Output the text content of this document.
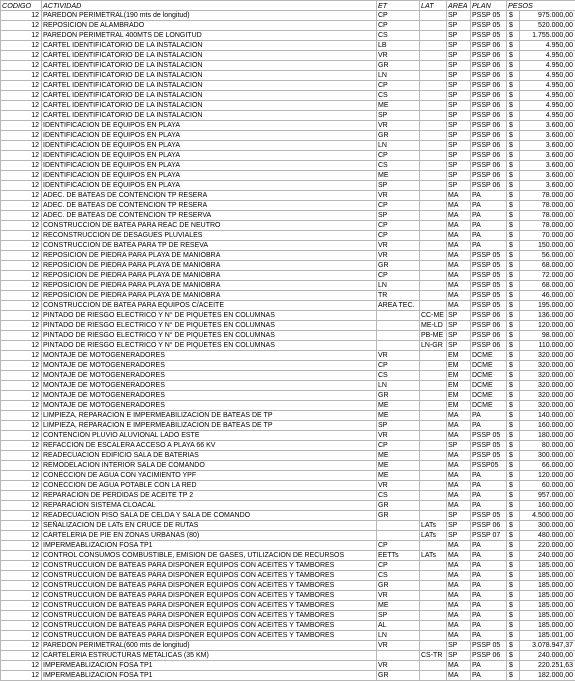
CODIGO	ACTIVIDAD	ET	LAT	AREA	PLAN	PESOS	
12	PAREDON PERIMETRAL(190 mts de longitud)	CP		SP	PSSP 05	$	975.000,00
12	REPOSICION DE ALAMBRADO	CP		SP	PSSP 05	$	520.000,00
12	PAREDON PERIMETRAL 400MTS DE LONGITUD	CS		SP	PSSP 05	$	1.755.000,00
12	CARTEL IDENTIFICATORIO DE LA INSTALACION	LB		SP	PSSP 06	$	4.950,00
12	CARTEL IDENTIFICATORIO DE LA INSTALACION	VR		SP	PSSP 06	$	4.950,00
12	CARTEL IDENTIFICATORIO DE LA INSTALACION	GR		SP	PSSP 06	$	4.950,00
12	CARTEL IDENTIFICATORIO DE LA INSTALACION	LN		SP	PSSP 06	$	4.950,00
12	CARTEL IDENTIFICATORIO DE LA INSTALACION	CP		SP	PSSP 06	$	4.950,00
12	CARTEL IDENTIFICATORIO DE LA INSTALACION	CS		SP	PSSP 06	$	4.950,00
12	CARTEL IDENTIFICATORIO DE LA INSTALACION	ME		SP	PSSP 06	$	4.950,00
12	CARTEL IDENTIFICATORIO DE LA INSTALACION	SP		SP	PSSP 06	$	4.950,00
12	IDENTIFICACION DE EQUIPOS EN PLAYA	VR		SP	PSSP 06	$	3.600,00
12	IDENTIFICACION DE EQUIPOS EN PLAYA	GR		SP	PSSP 06	$	3.600,00
12	IDENTIFICACION DE EQUIPOS EN PLAYA	LN		SP	PSSP 06	$	3.600,00
12	IDENTIFICACION DE EQUIPOS EN PLAYA	CP		SP	PSSP 06	$	3.600,00
12	IDENTIFICACION DE EQUIPOS EN PLAYA	CS		SP	PSSP 06	$	3.600,00
12	IDENTIFICACION DE EQUIPOS EN PLAYA	ME		SP	PSSP 06	$	3.600,00
12	IDENTIFICACION DE EQUIPOS EN PLAYA	SP		SP	PSSP 06	$	3.600,00
12	ADEC. DE BATEAS DE CONTENCION TP RESERA	VR		MA	PA	$	78.000,00
12	ADEC. DE BATEAS DE CONTENCION TP RESERA	CP		MA	PA	$	78.000,00
12	ADEC. DE BATEAS DE CONTENCION TP RESERVA	SP		MA	PA	$	78.000,00
12	CONSTRUCCION DE BATEA PARA REAC DE NEUTRO	CP		MA	PA	$	78.000,00
12	RECONSTRUCCION DE DESAGUES PLUVIALES	CP		MA	PA	$	70.000,00
12	CONSTRUCCION DE BATEA PARA TP DE RESEVA	VR		MA	PA	$	150.000,00
12	REPOSICION DE PIEDRA PARA PLAYA DE MANIOBRA	VR		MA	PSSP 05	$	56.000,00
12	REPOSICION DE PIEDRA PARA PLAYA DE MANIOBRA	GR		MA	PSSP 05	$	68.000,00
12	REPOSICION DE PIEDRA PARA PLAYA DE MANIOBRA	CP		MA	PSSP 05	$	72.000,00
12	REPOSICION DE PIEDRA PARA PLAYA DE MANIOBRA	LN		MA	PSSP 05	$	68.000,00
12	REPOSICION DE PIEDRA PARA PLAYA DE MANIOBRA	TR		MA	PSSP 05	$	46.000,00
12	CONSTRUCCION DE BATEA PARA EQUIPOS C/ACEITE	AREA TEC.		MA	PSSP 05	$	195.000,00
12	PINTADO DE RIESGO ELECTRICO Y N° DE PIQUETES EN COLUMNAS		CC-ME	SP	PSSP 06	$	136.000,00
12	PINTADO DE RIESGO ELECTRICO Y N° DE PIQUETES EN COLUMNAS		ME-LD	SP	PSSP 06	$	120.000,00
12	PINTADO DE RIESGO ELECTRICO Y N° DE PIQUETES EN COLUMNAS		PB-ME	SP	PSSP 06	$	98.000,00
12	PINTADO DE RIESGO ELECTRICO Y N° DE PIQUETES EN COLUMNAS		LN-GR	SP	PSSP 06	$	110.000,00
12	MONTAJE DE MOTOGENERADORES	VR		EM	DCME	$	320.000,00
12	MONTAJE DE MOTOGENERADORES	CP		EM	DCME	$	320.000,00
12	MONTAJE DE MOTOGENERADORES	CS		EM	DCME	$	320.000,00
12	MONTAJE DE MOTOGENERADORES	LN		EM	DCME	$	320.000,00
12	MONTAJE DE MOTOGENERADORES	GR		EM	DCME	$	320.000,00
12	MONTAJE DE MOTOGENERADORES	ME		EM	DCME	$	320.000,00
12	LIMPIEZA, REPARACION E IMPERMEABILIZACION DE BATEAS DE TP	ME		MA	PA	$	140.000,00
12	LIMPIEZA, REPARACION E IMPERMEABILIZACION DE BATEAS DE TP	SP		MA	PA	$	160.000,00
12	CONTENCION PLUVIO ALUVIONAL LADO ESTE	VR		MA	PSSP 05	$	180.000,00
12	REFACCION DE ESCALERA ACCESO A PLAYA 66 KV	CP		SP	PSSP 05	$	80.000,00
12	READECUACION EDIFICIO SALA DE BATERIAS	ME		MA	PSSP 05	$	300.000,00
12	REMODELACION INTERIOR SALA DE COMANDO	ME		MA	PSSP05	$	66.000,00
12	CONECCION DE AGUA CON YACIMIENTO YPF	ME		MA	PA	$	120.000,00
12	CONECCION DE AGUA POTABLE CON LA RED	VR		MA	PA	$	60.000,00
12	REPARACION DE PERDIDAS DE ACEITE TP 2	CS		MA	PA	$	957.000,00
12	REPARACION SISTEMA CLOACAL	GR		MA	PA	$	160.000,00
12	READECUACION PISO SALA DE CELDA Y SALA DE COMANDO	GR		SP	PSSP 05	$	4.500.000,00
12	SEÑALIZACION DE LATs EN CRUCE DE RUTAS		LATs	SP	PSSP 06	$	300.000,00
12	CARTELERIA DE PIE EN ZONAS URBANAS (80)		LATs	SP	PSSP 07	$	480.000,00
12	IMPERMEABLIZACION FOSA TP1	CP		MA	PA	$	220.000,00
12	CONTROL CONSUMOS COMBUSTIBLE, EMISION DE GASES, UTILIZACION DE RECURSOS	EETTs	LATs	MA	PA	$	240.000,00
12	CONSTRUCCUION DE BATEAS PARA DISPONER EQUIPOS CON ACEITES Y TAMBORES	CP		MA	PA	$	185.000,00
12	CONSTRUCCUION DE BATEAS PARA DISPONER EQUIPOS CON ACEITES Y TAMBORES	CS		MA	PA	$	185.000,00
12	CONSTRUCCUION DE BATEAS PARA DISPONER EQUIPOS CON ACEITES Y TAMBORES	GR		MA	PA	$	185.000,00
12	CONSTRUCCUION DE BATEAS PARA DISPONER EQUIPOS CON ACEITES Y TAMBORES	VR		MA	PA	$	185.000,00
12	CONSTRUCCUION DE BATEAS PARA DISPONER EQUIPOS CON ACEITES Y TAMBORES	ME		MA	PA	$	185.000,00
12	CONSTRUCCUION DE BATEAS PARA DISPONER EQUIPOS CON ACEITES Y TAMBORES	SP		MA	PA	$	185.000,00
12	CONSTRUCCUION DE BATEAS PARA DISPONER EQUIPOS CON ACEITES Y TAMBORES	AL		MA	PA	$	185.000,00
12	CONSTRUCCUION DE BATEAS PARA DISPONER EQUIPOS CON ACEITES Y TAMBORES	LN		MA	PA	$	185.001,00
12	PAREDON PERIMETRAL(600 mts de longitud)	VR		SP	PSSP 05	$	3.078.947,37
12	CARTELERIA ESTRUCTURAS METALICAS (35 KM)		CS-TR	SP	PSSP 06	$	240.000,00
12	IMPERMEABLIZACION FOSA TP1	VR		MA	PA	$	220.251,63
12	IMPERMEABLIZACION FOSA TP1	GR		MA	PA	$	182.000,00
